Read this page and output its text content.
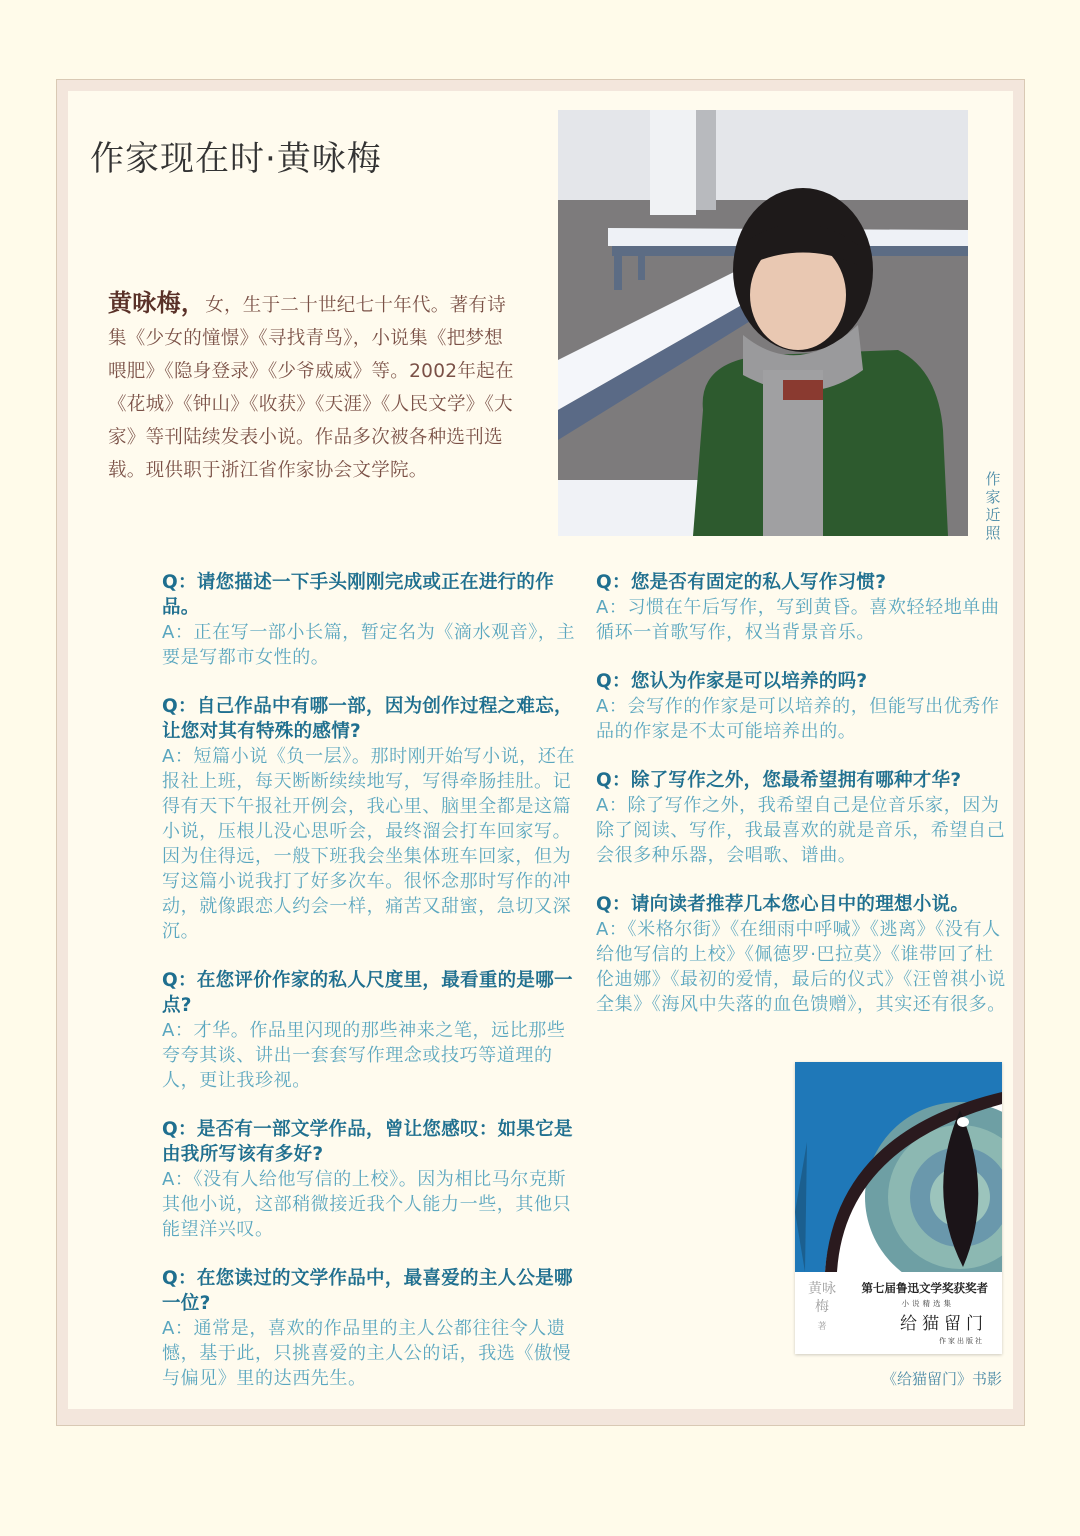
作家现在时·黄咏梅
黄咏梅，女，生于二十世纪七十年代。著有诗集《少女的憧憬》《寻找青鸟》，小说集《把梦想喂肥》《隐身登录》《少爷威威》等。2002年起在《花城》《钟山》《收获》《天涯》《人民文学》《大家》等刊陆续发表小说。作品多次被各种选刊选载。现供职于浙江省作家协会文学院。	作家近照
Q：请您描述一下手头刚刚完成或正在进行的作品。
A：正在写一部小长篇，暂定名为《滴水观音》，主要是写都市女性的。
Q：自己作品中有哪一部，因为创作过程之难忘，让您对其有特殊的感情?
A：短篇小说《负一层》。那时刚开始写小说，还在报社上班，每天断断续续地写，写得牵肠挂肚。记得有天下午报社开例会，我心里、脑里全都是这篇小说，压根儿没心思听会，最终溜会打车回家写。因为住得远，一般下班我会坐集体班车回家，但为写这篇小说我打了好多次车。很怀念那时写作的冲动，就像跟恋人约会一样，痛苦又甜蜜，急切又深沉。
Q：在您评价作家的私人尺度里，最看重的是哪一点?
A：才华。作品里闪现的那些神来之笔，远比那些夸夸其谈、讲出一套套写作理念或技巧等道理的人，更让我珍视。
Q：是否有一部文学作品，曾让您感叹：如果它是由我所写该有多好?
A：《没有人给他写信的上校》。因为相比马尔克斯其他小说，这部稍微接近我个人能力一些，其他只能望洋兴叹。
Q：在您读过的文学作品中，最喜爱的主人公是哪一位?
A：通常是，喜欢的作品里的主人公都往往令人遗憾，基于此，只挑喜爱的主人公的话，我选《傲慢与偏见》里的达西先生。
Q：您是否有固定的私人写作习惯?
A：习惯在午后写作，写到黄昏。喜欢轻轻地单曲循环一首歌写作，权当背景音乐。
Q：您认为作家是可以培养的吗?
A：会写作的作家是可以培养的，但能写出优秀作品的作家是不太可能培养出的。
Q：除了写作之外，您最希望拥有哪种才华?
A：除了写作之外，我希望自己是位音乐家，因为除了阅读、写作，我最喜欢的就是音乐，希望自己会很多种乐器，会唱歌、谱曲。
Q：请向读者推荐几本您心目中的理想小说。
A：《米格尔街》《在细雨中呼喊》《逃离》《没有人给他写信的上校》《佩德罗·巴拉莫》《谁带回了杜伦迪娜》《最初的爱情，最后的仪式》《汪曾祺小说全集》《海风中失落的血色馈赠》，其实还有很多。
黄咏梅
著
第七届鲁迅文学奖获奖者
小说精选集
给猫留门
作家出版社
《给猫留门》书影
